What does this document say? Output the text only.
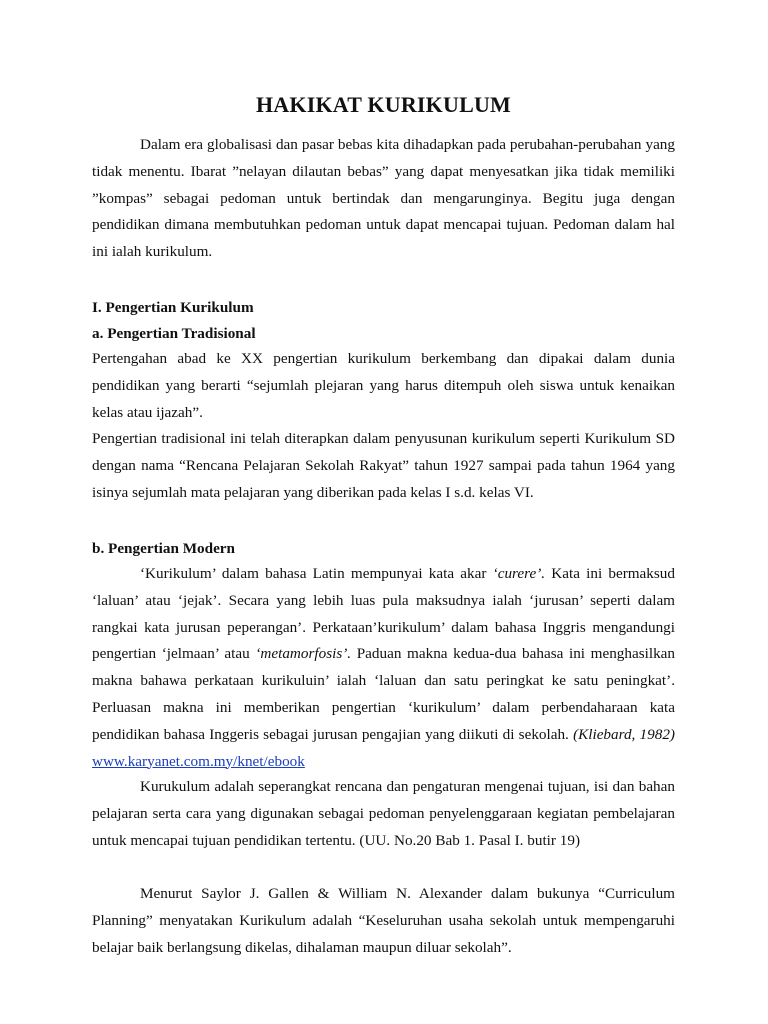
HAKIKAT KURIKULUM

Dalam era globalisasi dan pasar bebas kita dihadapkan pada perubahan-perubahan yang tidak menentu. Ibarat ”nelayan dilautan bebas” yang dapat menyesatkan jika tidak memiliki ”kompas” sebagai pedoman untuk bertindak dan mengarunginya. Begitu juga dengan pendidikan dimana membutuhkan pedoman untuk dapat mencapai tujuan. Pedoman dalam hal ini ialah kurikulum.

I. Pengertian Kurikulum

a. Pengertian Tradisional

Pertengahan abad ke XX pengertian kurikulum berkembang dan dipakai dalam dunia pendidikan yang berarti “sejumlah plejaran yang harus ditempuh oleh siswa untuk kenaikan kelas atau ijazah”.

Pengertian tradisional ini telah diterapkan dalam penyusunan kurikulum seperti Kurikulum SD dengan nama “Rencana Pelajaran Sekolah Rakyat” tahun 1927 sampai pada tahun 1964 yang isinya sejumlah mata pelajaran yang diberikan pada kelas I s.d. kelas VI.

b. Pengertian Modern

‘Kurikulum’ dalam bahasa Latin mempunyai kata akar ‘curere’. Kata ini bermaksud ‘laluan’ atau ‘jejak’. Secara yang lebih luas pula maksudnya ialah ‘jurusan’ seperti dalam rangkai kata jurusan peperangan’. Perkataan’kurikulum’ dalam bahasa Inggris mengandungi pengertian ‘jelmaan’ atau ‘metamorfosis’. Paduan makna kedua-dua bahasa ini menghasilkan makna bahawa perkataan kurikuluin’ ialah ‘laluan dan satu peringkat ke satu peningkat’. Perluasan makna ini memberikan pengertian ‘kurikulum’ dalam perbendaharaan kata pendidikan bahasa Inggeris sebagai jurusan pengajian yang diikuti di sekolah. (Kliebard, 1982) www.karyanet.com.my/knet/ebook

Kurukulum adalah seperangkat rencana dan pengaturan mengenai tujuan, isi dan bahan pelajaran serta cara yang digunakan sebagai pedoman penyelenggaraan kegiatan pembelajaran untuk mencapai tujuan pendidikan tertentu. (UU. No.20 Bab 1. Pasal I. butir 19)

Menurut Saylor J. Gallen & William N. Alexander dalam bukunya “Curriculum Planning” menyatakan Kurikulum adalah “Keseluruhan usaha sekolah untuk mempengaruhi belajar baik berlangsung dikelas, dihalaman maupun diluar sekolah”.
